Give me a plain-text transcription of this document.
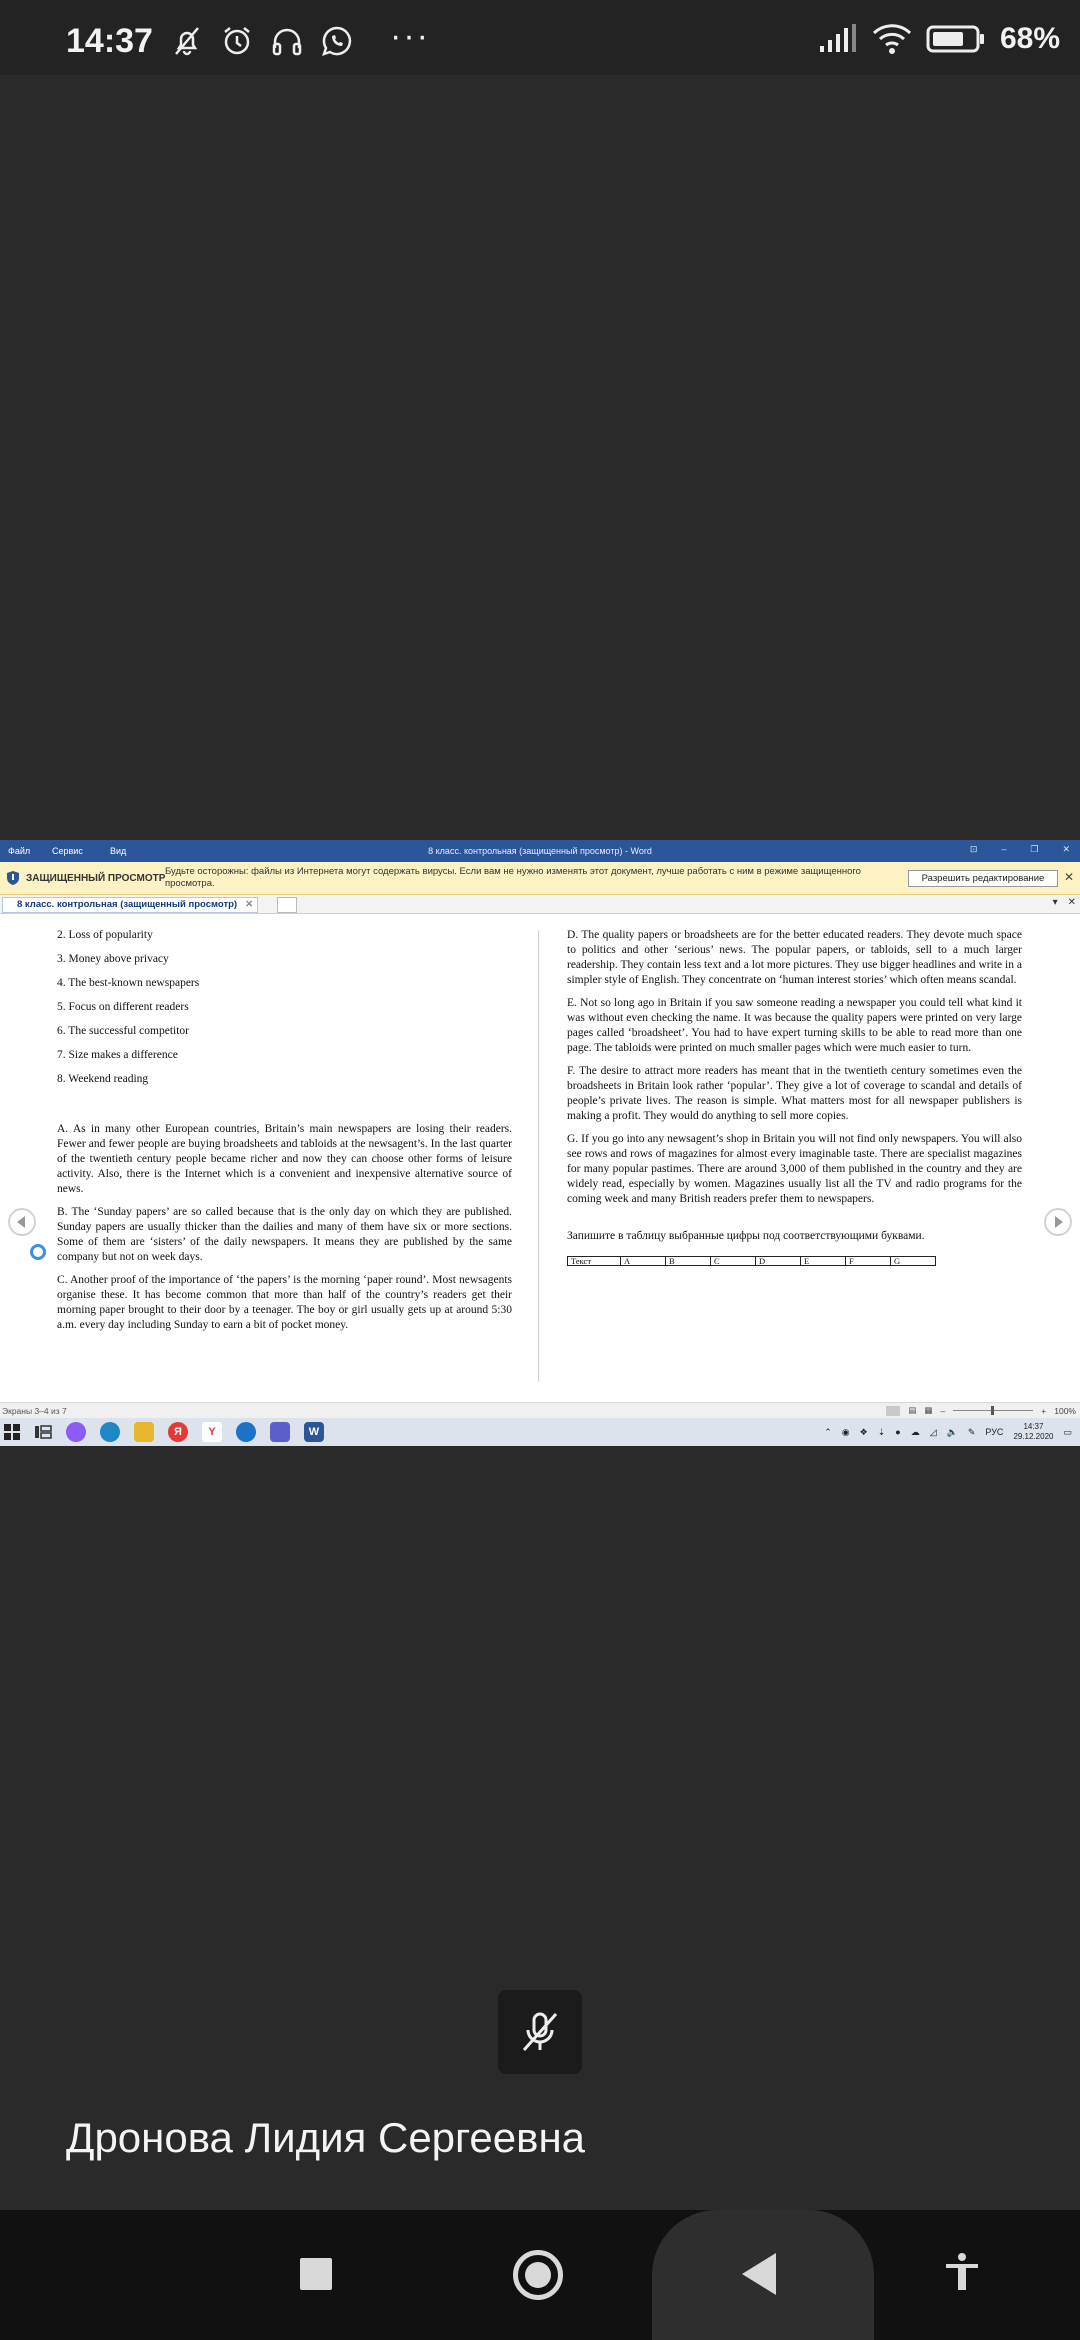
14:37	···	68%
Файл Сервис	Вид	8 класс. контрольная (защищенный просмотр) - Word	⊡	–	❐	✕
ЗАЩИЩЕННЫЙ ПРОСМОТР
Будьте осторожны: файлы из Интернета могут содержать вирусы. Если вам не нужно изменять этот документ, лучше работать с ним в режиме защищенного просмотра.	Разрешить редактирование	✕
8 класс. контрольная (защищенный просмотр) ✕	▾ ✕

2. Loss of popularity

3. Money above privacy

4. The best-known newspapers

5. Focus on different readers

6. The successful competitor

7. Size makes a difference

8. Weekend reading

A. As in many other European countries, Britain’s main newspapers are losing their readers. Fewer and fewer people are buying broadsheets and tabloids at the newsagent’s. In the last quarter of the twentieth century people became richer and now they can choose other forms of leisure activity. Also, there is the Internet which is a convenient and inexpensive alternative source of news.

B. The ‘Sunday papers’ are so called because that is the only day on which they are published. Sunday papers are usually thicker than the dailies and many of them have six or more sections. Some of them are ‘sisters’ of the daily newspapers. It means they are published by the same company but not on week days.

C. Another proof of the importance of ‘the papers’ is the morning ‘paper round’. Most newsagents organise these. It has become common that more than half of the country’s readers get their morning paper brought to their door by a teenager. The boy or girl usually gets up at around 5:30 a.m. every day including Sunday to earn a bit of pocket money.

D. The quality papers or broadsheets are for the better educated readers. They devote much space to politics and other ‘serious’ news. The popular papers, or tabloids, sell to a much larger readership. They contain less text and a lot more pictures. They use bigger headlines and write in a simpler style of English. They concentrate on ‘human interest stories’ which often means scandal.

E. Not so long ago in Britain if you saw someone reading a newspaper you could tell what kind it was without even checking the name. It was because the quality papers were printed on very large pages called ‘broadsheet’. You had to have expert turning skills to be able to read more than one page. The tabloids were printed on much smaller pages which were much easier to turn.

F. The desire to attract more readers has meant that in the twentieth century sometimes even the broadsheets in Britain look rather ‘popular’. They give a lot of coverage to scandal and details of people’s private lives. The reason is simple. What matters most for all newspaper publishers is making a profit. They would do anything to sell more copies.

G. If you go into any newsagent’s shop in Britain you will not find only newspapers. You will also see rows and rows of magazines for almost every imaginable taste. There are specialist magazines for many popular pastimes. There are around 3,000 of them published in the country and they are widely read, especially by women. Magazines usually list all the TV and radio programs for the coming week and many British readers prefer them to newspapers.

Запишите в таблицу выбранные цифры под соответствующими буквами.

Текст	A	B	C	D	E	F	G
Экраны 3–4 из 7	▤ ▦ –	+ 100%
Я	Y	W	⌃ ◉ ❖ ⇣ ● ☁ ◿ 🔈 ✎ РУС
14:37
29.12.2020 ▭
Дронова Лидия Сергеевна
